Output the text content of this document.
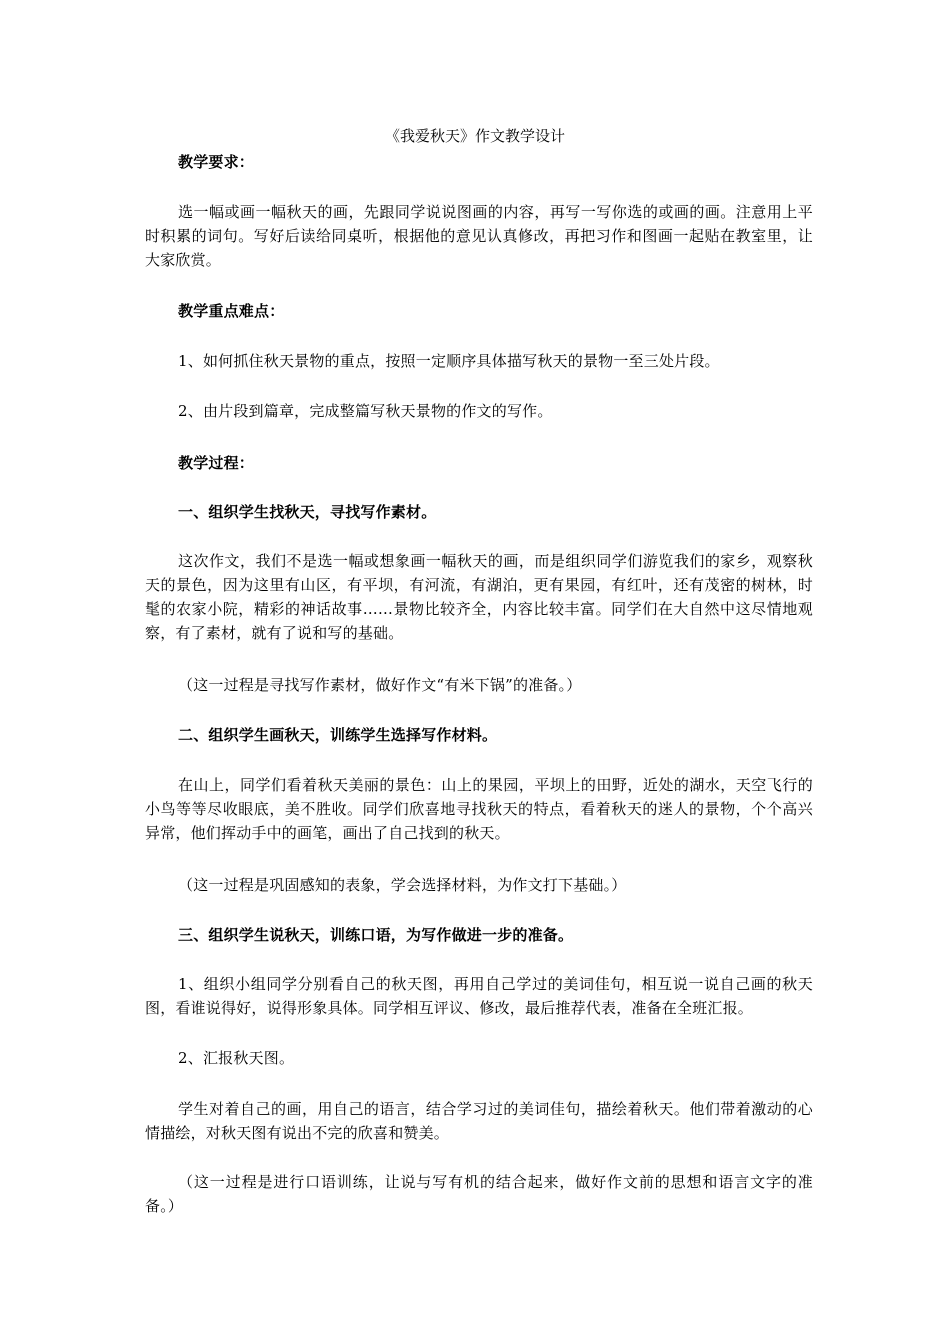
《我爱秋天》作文教学设计
教学要求：
选一幅或画一幅秋天的画，先跟同学说说图画的内容，再写一写你选的或画的画。注意用上平时积累的词句。写好后读给同桌听，根据他的意见认真修改，再把习作和图画一起贴在教室里，让大家欣赏。
教学重点难点：
1、如何抓住秋天景物的重点，按照一定顺序具体描写秋天的景物一至三处片段。
2、由片段到篇章，完成整篇写秋天景物的作文的写作。
教学过程：
一、组织学生找秋天，寻找写作素材。
这次作文，我们不是选一幅或想象画一幅秋天的画，而是组织同学们游览我们的家乡，观察秋天的景色，因为这里有山区，有平坝，有河流，有湖泊，更有果园，有红叶，还有茂密的树林，时髦的农家小院，精彩的神话故事……景物比较齐全，内容比较丰富。同学们在大自然中这尽情地观察，有了素材，就有了说和写的基础。
（这一过程是寻找写作素材，做好作文“有米下锅”的准备。）
二、组织学生画秋天，训练学生选择写作材料。
在山上，同学们看着秋天美丽的景色：山上的果园，平坝上的田野，近处的湖水，天空飞行的小鸟等等尽收眼底，美不胜收。同学们欣喜地寻找秋天的特点，看着秋天的迷人的景物，个个高兴异常，他们挥动手中的画笔，画出了自己找到的秋天。
（这一过程是巩固感知的表象，学会选择材料，为作文打下基础。）
三、组织学生说秋天，训练口语，为写作做进一步的准备。
1、组织小组同学分别看自己的秋天图，再用自己学过的美词佳句，相互说一说自己画的秋天图，看谁说得好，说得形象具体。同学相互评议、修改，最后推荐代表，准备在全班汇报。
2、汇报秋天图。
学生对着自己的画，用自己的语言，结合学习过的美词佳句，描绘着秋天。他们带着激动的心情描绘，对秋天图有说出不完的欣喜和赞美。
（这一过程是进行口语训练，让说与写有机的结合起来，做好作文前的思想和语言文字的准备。）
